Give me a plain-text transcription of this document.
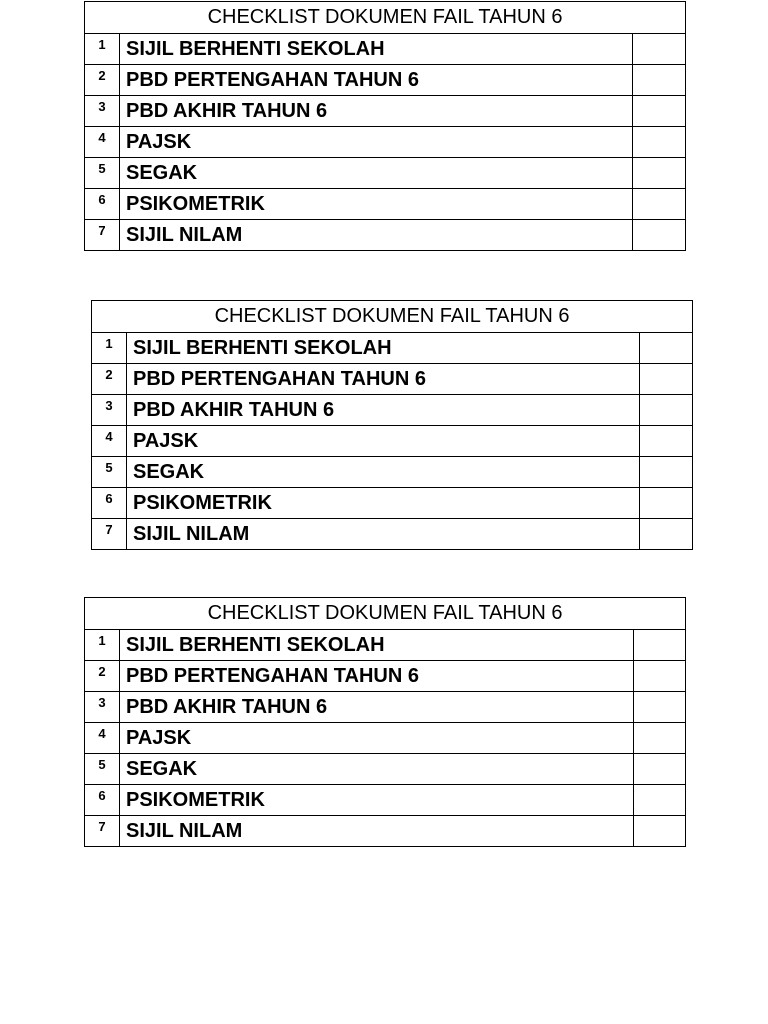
CHECKLIST DOKUMEN FAIL TAHUN 6		
1	SIJIL BERHENTI SEKOLAH	
2	PBD PERTENGAHAN TAHUN 6	
3	PBD AKHIR TAHUN 6	
4	PAJSK	
5	SEGAK	
6	PSIKOMETRIK	
7	SIJIL NILAM	
CHECKLIST DOKUMEN FAIL TAHUN 6		
1	SIJIL BERHENTI SEKOLAH	
2	PBD PERTENGAHAN TAHUN 6	
3	PBD AKHIR TAHUN 6	
4	PAJSK	
5	SEGAK	
6	PSIKOMETRIK	
7	SIJIL NILAM	
CHECKLIST DOKUMEN FAIL TAHUN 6		
1	SIJIL BERHENTI SEKOLAH	
2	PBD PERTENGAHAN TAHUN 6	
3	PBD AKHIR TAHUN 6	
4	PAJSK	
5	SEGAK	
6	PSIKOMETRIK	
7	SIJIL NILAM	
